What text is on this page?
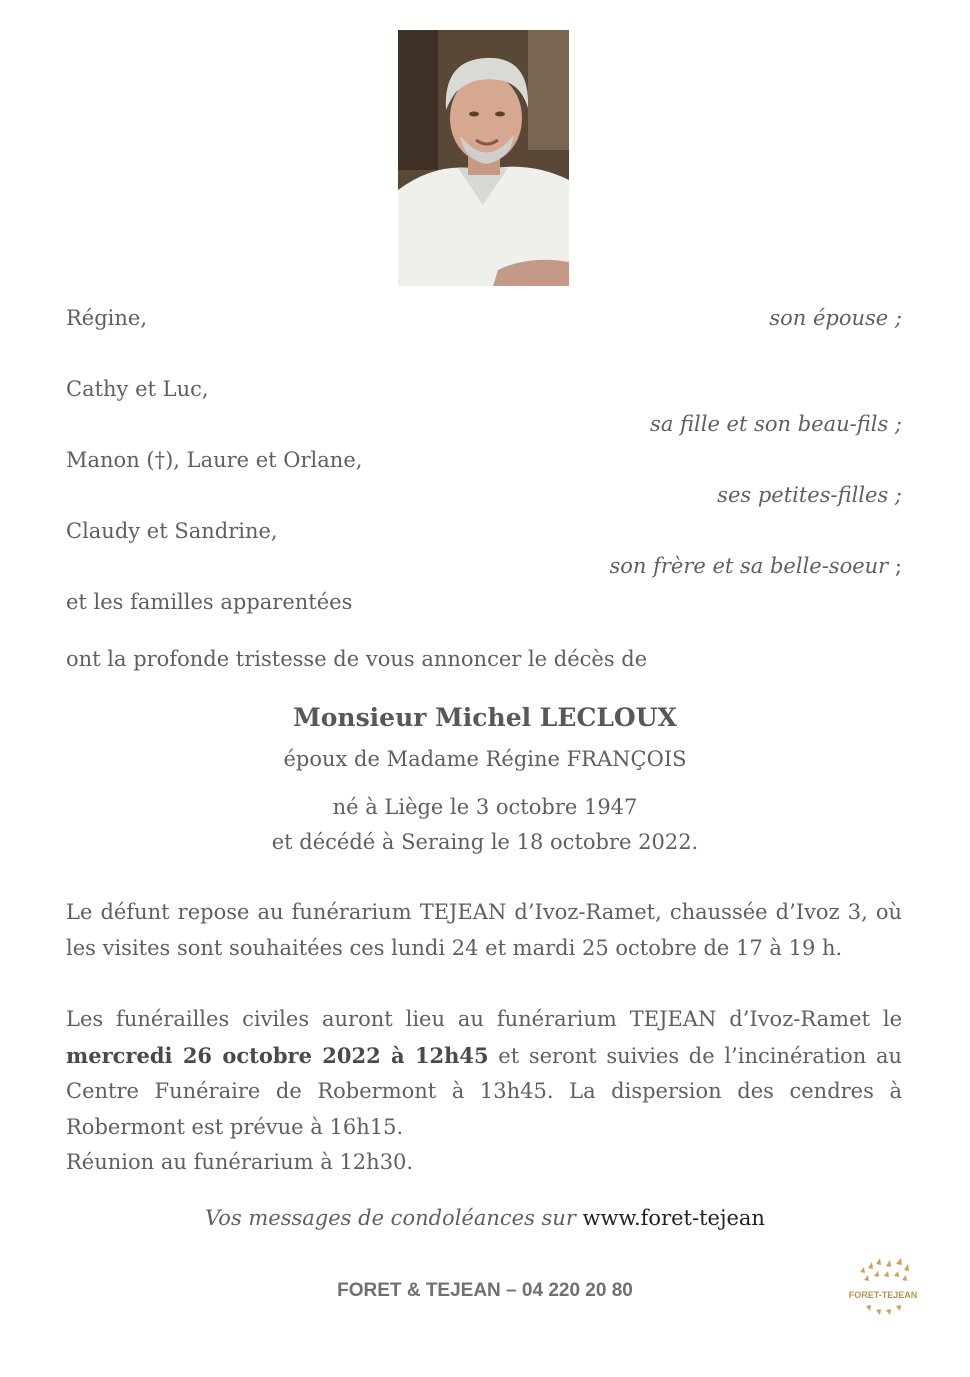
Régine,	son épouse ;
Cathy et Luc,
sa fille et son beau-fils ;
Manon (†), Laure et Orlane,
ses petites-filles ;
Claudy et Sandrine,
son frère et sa belle-soeur ;
et les familles apparentées
ont la profonde tristesse de vous annoncer le décès de
Monsieur Michel LECLOUX
époux de Madame Régine FRANÇOIS
né à Liège le 3 octobre 1947
et décédé à Seraing le 18 octobre 2022.
Le défunt repose au funérarium TEJEAN d’Ivoz-Ramet, chaussée d’Ivoz 3, où les visites sont souhaitées ces lundi 24 et mardi 25 octobre de 17 à 19 h.
Les funérailles civiles auront lieu au funérarium TEJEAN d’Ivoz-Ramet le mercredi 26 octobre 2022 à 12h45 et seront suivies de l’incinération au Centre Funéraire de Robermont à 13h45. La dispersion des cendres à Robermont est prévue à 16h15.
Réunion au funérarium à 12h30.
Vos messages de condoléances sur www.foret-tejean
FORET & TEJEAN – 04 220 20 80	FORET-TEJEAN
